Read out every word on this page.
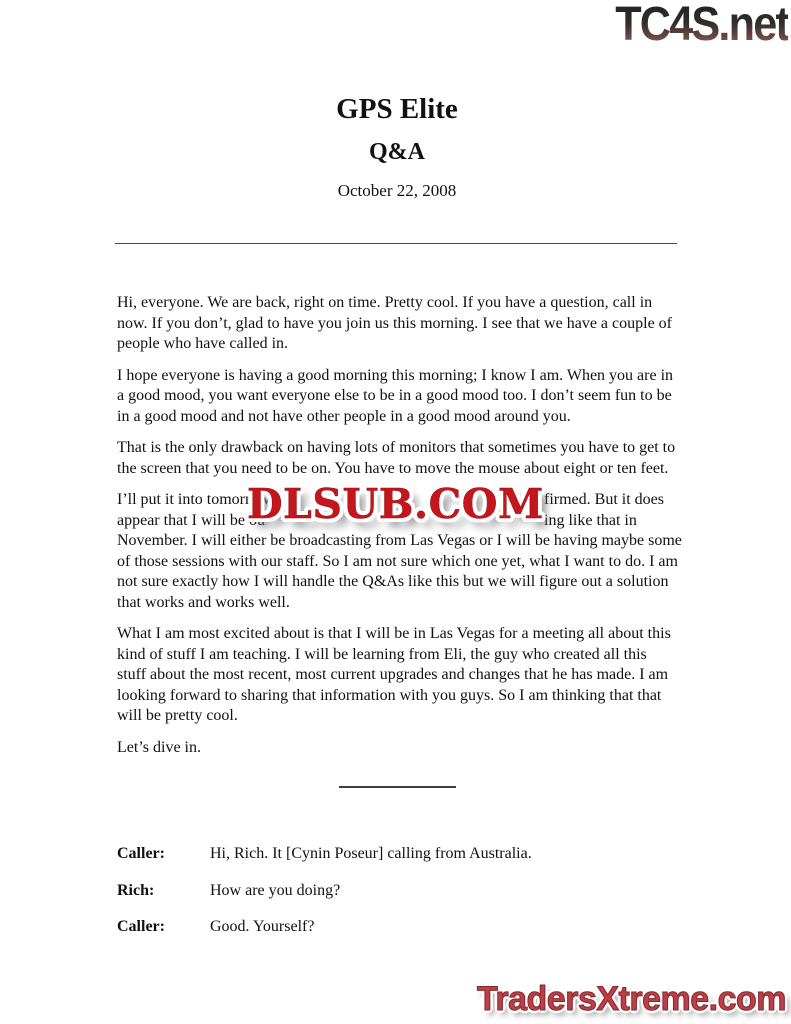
TC4S.net
GPS Elite
Q&A
October 22, 2008

Hi, everyone. We are back, right on time. Pretty cool. If you have a question, call in now. If you don’t, glad to have you join us this morning. I see that we have a couple of people who have called in.

I hope everyone is having a good morning this morning; I know I am. When you are in a good mood, you want everyone else to be in a good mood too. I don’t seem fun to be in a good mood and not have other people in a good mood around you.

That is the only drawback on having lots of monitors that sometimes you have to get to the screen that you need to be on. You have to move the mouse about eight or ten feet.

DLSUB.COM
I’ll put it into tomorrow	firmed. But it does
appear that I will be ou	ing like that in
November. I will either be broadcasting from Las Vegas or I will be having maybe some
of those sessions with our staff. So I am not sure which one yet, what I want to do. I am
not sure exactly how I will handle the Q&As like this but we will figure out a solution
that works and works well.

What I am most excited about is that I will be in Las Vegas for a meeting all about this kind of stuff I am teaching. I will be learning from Eli, the guy who created all this stuff about the most recent, most current upgrades and changes that he has made. I am looking forward to sharing that information with you guys. So I am thinking that that will be pretty cool.

Let’s dive in.

Caller:	Hi, Rich. It [Cynin Poseur] calling from Australia.
Rich:	How are you doing?
Caller:	Good. Yourself?
TradersXtreme.com
